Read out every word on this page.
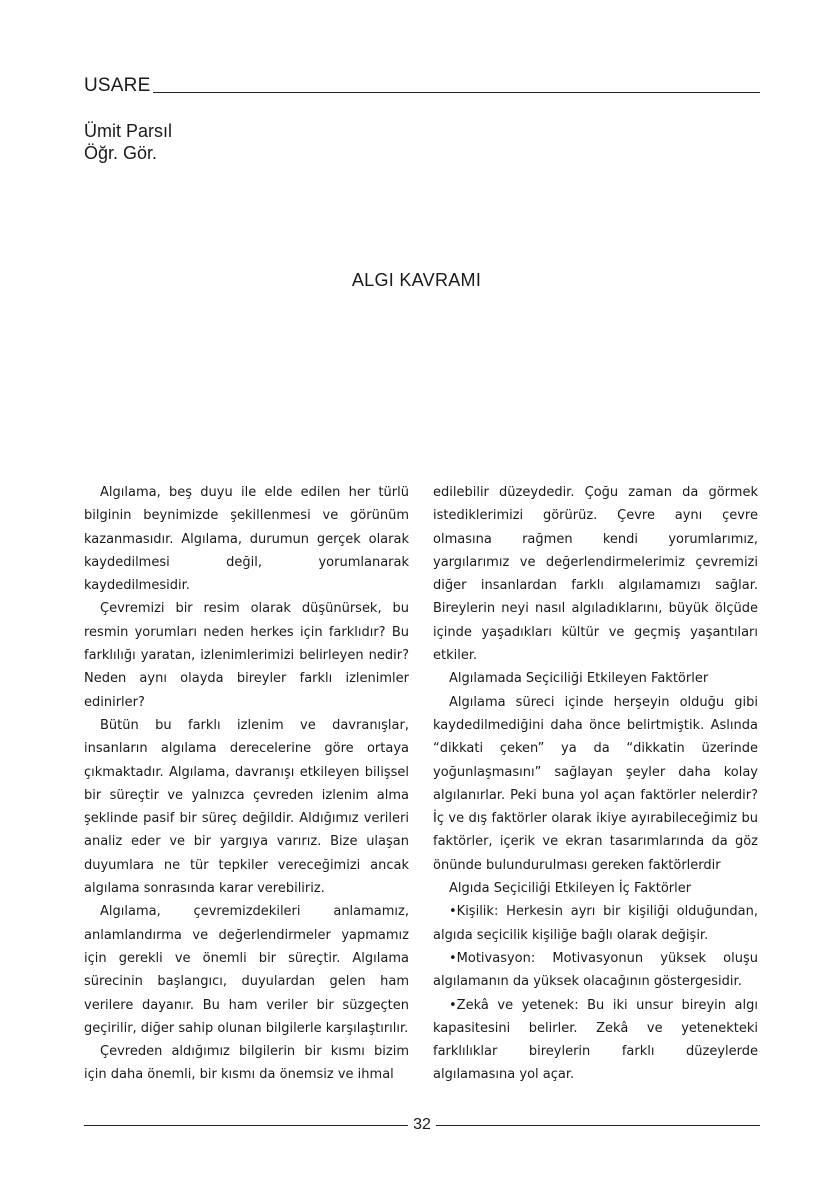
USARE
Ümit Parsıl
Öğr. Gör.
ALGI KAVRAMI

Algılama, beş duyu ile elde edilen her türlü bilginin beynimizde şekillenmesi ve görünüm kazanmasıdır. Algılama, durumun gerçek olarak kaydedilmesi değil, yorumlanarak kaydedilmesidir.

Çevremizi bir resim olarak düşünürsek, bu resmin yorumları neden herkes için farklıdır? Bu farklılığı yaratan, izlenimlerimizi belirleyen nedir? Neden aynı olayda bireyler farklı izlenimler edinirler?

Bütün bu farklı izlenim ve davranışlar, insanların algılama derecelerine göre ortaya çıkmaktadır. Algılama, davranışı etkileyen bilişsel bir süreçtir ve yalnızca çevreden izlenim alma şeklinde pasif bir süreç değildir. Aldığımız verileri analiz eder ve bir yargıya varırız. Bize ulaşan duyumlara ne tür tepkiler vereceğimizi ancak algılama sonrasında karar verebiliriz.

Algılama, çevremizdekileri anlamamız, anlamlandırma ve değerlendirmeler yapmamız için gerekli ve önemli bir süreçtir. Algılama sürecinin başlangıcı, duyulardan gelen ham verilere dayanır. Bu ham veriler bir süzgeçten geçirilir, diğer sahip olunan bilgilerle karşılaştırılır.

Çevreden aldığımız bilgilerin bir kısmı bizim için daha önemli, bir kısmı da önemsiz ve ihmal

edilebilir düzeydedir. Çoğu zaman da görmek istediklerimizi görürüz. Çevre aynı çevre olmasına rağmen kendi yorumlarımız, yargılarımız ve değerlendirmelerimiz çevremizi diğer insanlardan farklı algılamamızı sağlar. Bireylerin neyi nasıl algıladıklarını, büyük ölçüde içinde yaşadıkları kültür ve geçmiş yaşantıları etkiler.

Algılamada Seçiciliği Etkileyen Faktörler

Algılama süreci içinde herşeyin olduğu gibi kaydedilmediğini daha önce belirtmiştik. Aslında “dikkati çeken” ya da “dikkatin üzerinde yoğunlaşmasını” sağlayan şeyler daha kolay algılanırlar. Peki buna yol açan faktörler nelerdir? İç ve dış faktörler olarak ikiye ayırabileceğimiz bu faktörler, içerik ve ekran tasarımlarında da göz önünde bulundurulması gereken faktörlerdir

Algıda Seçiciliği Etkileyen İç Faktörler

•Kişilik: Herkesin ayrı bir kişiliği olduğundan, algıda seçicilik kişiliğe bağlı olarak değişir.

•Motivasyon: Motivasyonun yüksek oluşu algılamanın da yüksek olacağının göstergesidir.

•Zekâ ve yetenek: Bu iki unsur bireyin algı kapasitesini belirler. Zekâ ve yetenekteki farklılıklar bireylerin farklı düzeylerde algılamasına yol açar.

32
